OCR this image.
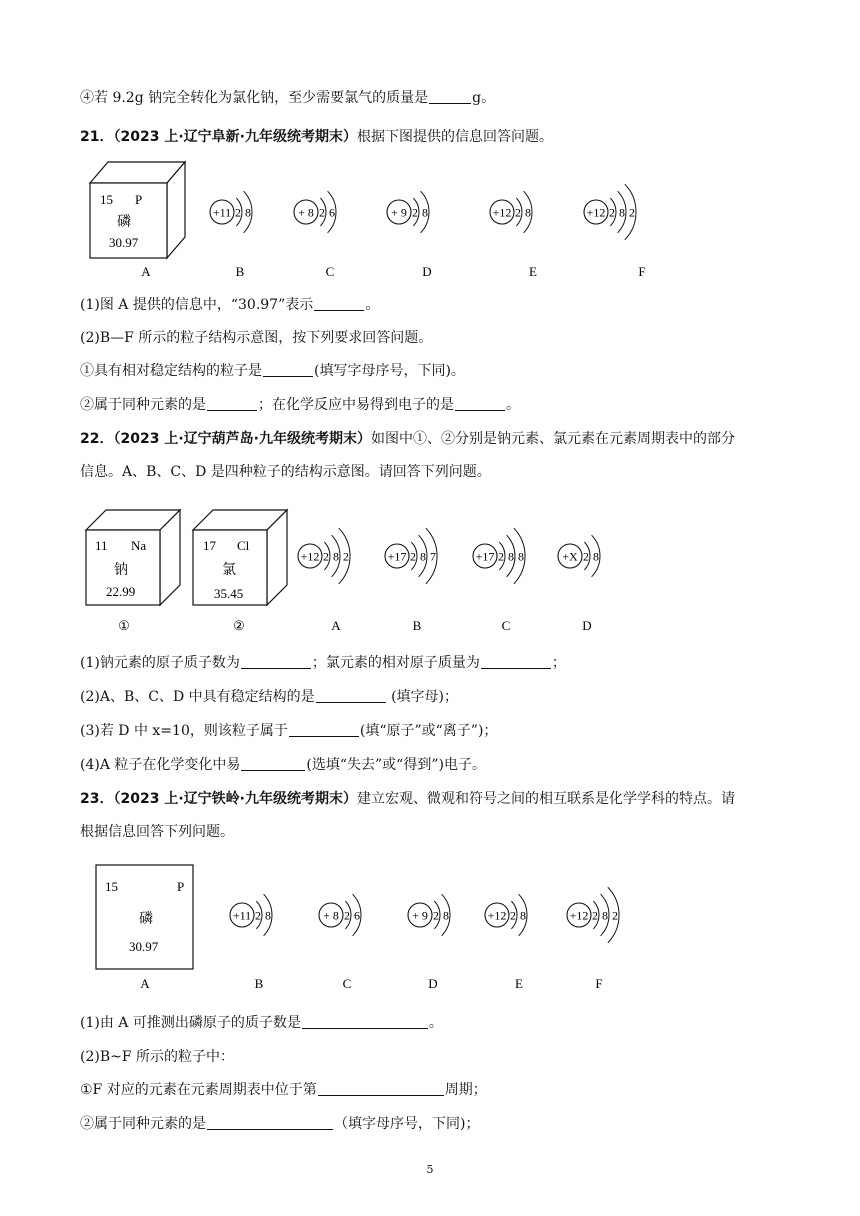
④若 9.2g 钠完全转化为氯化钠，至少需要氯气的质量是	g。
21．（2023 上·辽宁阜新·九年级统考期末）根据下图提供的信息回答问题。
15 P
磷
30.97
+11 2 8	+ 8 2 6	+ 9 2 8	+12 2 8	+12 2 8 2
A	B	C	D	E	F
(1)图 A 提供的信息中，“30.97”表示	。
(2)B—F 所示的粒子结构示意图，按下列要求回答问题。
①具有相对稳定结构的粒子是	(填写字母序号，下同)。
②属于同种元素的是	；在化学反应中易得到电子的是	。
22．（2023 上·辽宁葫芦岛·九年级统考期末）如图中①、②分别是钠元素、氯元素在元素周期表中的部分
信息。A、B、C、D 是四种粒子的结构示意图。请回答下列问题。
11 Na
钠
22.99
17 Cl
氯
35.45
+12 2 8 2	+17 2 8 7	+17 2 8 8	+X 2 8
①	②	A	B	C	D
(1)钠元素的原子质子数为	；氯元素的相对原子质量为	；
(2)A、B、C、D 中具有稳定结构的是	(填字母)；
(3)若 D 中 x=10，则该粒子属于	(填“原子”或“离子”)；
(4)A 粒子在化学变化中易	(选填“失去”或“得到”)电子。
23．（2023 上·辽宁铁岭·九年级统考期末）建立宏观、微观和符号之间的相互联系是化学学科的特点。请
根据信息回答下列问题。
15	P
磷
30.97
+11 2 8	+ 8 2 6	+ 9 2 8	+12 2 8	+12 2 8 2
A	B	C	D	E	F
(1)由 A 可推测出磷原子的质子数是	。
(2)B~F 所示的粒子中：
①F 对应的元素在元素周期表中位于第	周期；
②属于同种元素的是	（填字母序号，下同)；
5
